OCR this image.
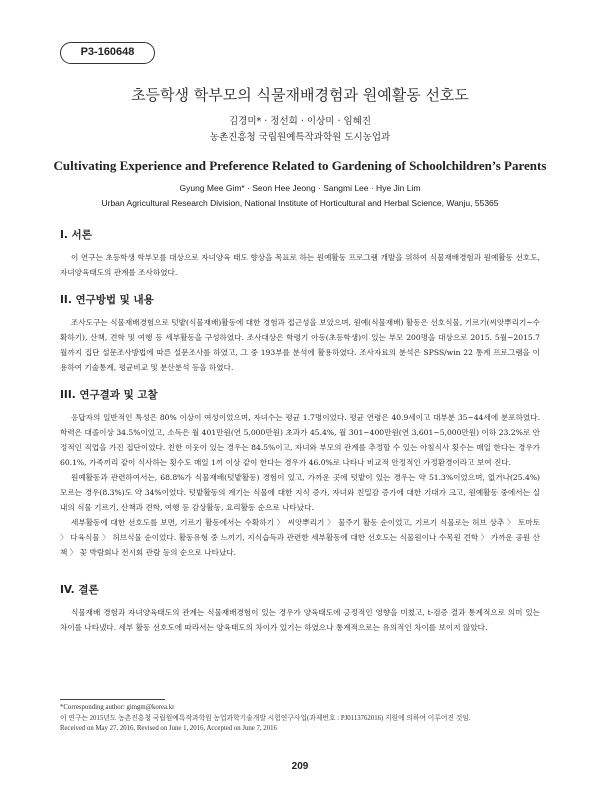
P3-160648
초등학생 학부모의 식물재배경험과 원예활동 선호도
김경미* · 정선희 · 이상미 · 임혜진
농촌진흥청 국립원예특작과학원 도시농업과
Cultivating Experience and Preference Related to Gardening of Schoolchildren’s Parents
Gyung Mee Gim* · Seon Hee Jeong · Sangmi Lee · Hye Jin Lim
Urban Agricultural Research Division, National Institute of Horticultural and Herbal Science, Wanju, 55365
I. 서론

이 연구는 초등학생 학부모를 대상으로 자녀양육 태도 향상을 목표로 하는 원예활동 프로그램 개발을 위하여 식물재배경험과 원예활동 선호도, 자녀양육태도의 관계를 조사하였다.

II. 연구방법 및 내용

조사도구는 식물재배경험으로 텃밭(식물재배)활동에 대한 경험과 접근성을 보았으며, 원예(식물재배) 활동은 선호식물, 기르기(씨앗뿌리기~수확하기), 산책, 견학 및 여행 등 세부활동을 구성하였다. 조사대상은 학령기 아동(초등학생)이 있는 부모 200명을 대상으로 2015. 5월~2015.7월까지 집단 설문조사방법에 따른 설문조사를 하였고, 그 중 193부를 분석에 활용하였다. 조사자료의 분석은 SPSS/win 22 통계 프로그램을 이용하여 기술통계, 평균비교 및 분산분석 등을 하였다.

III. 연구결과 및 고찰

응답자의 일반적인 특성은 80% 이상이 여성이었으며, 자녀수는 평균 1.7명이었다. 평균 연령은 40.9세이고 대부분 35~44세에 분포하였다. 학력은 대졸이상 34.5%이었고, 소득은 월 401만원(연 5,000만원) 초과가 45.4%, 월 301~400만원(연 3,601~5,000만원) 이하 23.2%로 안정적인 직업을 가진 집단이었다. 친한 이웃이 있는 경우는 84.5%이고, 자녀와 부모의 관계를 추정할 수 있는 아침식사 횟수는 매일 한다는 경우가 60.1%, 가족끼리 같이 식사하는 횟수도 매일 1끼 이상 같이 한다는 경우가 46.0%로 나타나 비교적 안정적인 가정환경이라고 보여 진다.

원예활동과 관련하여서는, 68.8%가 식물재배(텃밭활동) 경험이 있고, 가까운 곳에 텃밭이 있는 경우는 약 51.3%이었으며, 없거나(25.4%) 모르는 경우(8.3%)도 약 34%이었다. 텃밭활동의 계기는 식물에 대한 지식 증가, 자녀와 친밀감 증가에 대한 기대가 크고, 원예활동 중에서는 실내의 식물 기르기, 산책과 견학, 여행 등 감상활동, 요리활동 순으로 나타났다.

세부활동에 대한 선호도를 보면, 기르기 활동에서는 수확하기 〉 씨앗뿌리기 〉 물주기 활동 순이었고, 기르기 식물로는 허브 상추 〉 토마토 〉 다육식물 〉 허브식물 순이었다. 활동유형 중 느끼기, 지식습득과 관련한 세부활동에 대한 선호도는 식물원이나 수목원 견학 〉 가까운 공원 산책 〉 꽃 박람회나 전시회 관람 등의 순으로 나타났다.

IV. 결론

식물재배 경험과 자녀양육태도의 관계는 식물재배경험이 있는 경우가 양육태도에 긍정적인 영향을 미쳤고, t-검증 결과 통계적으로 의미 있는 차이를 나타냈다. 세부 활동 선호도에 따라서는 양육태도의 차이가 있기는 하였으나 통계적으로는 유의적인 차이를 보이지 않았다.

*Corresponding author: gimgm@korea.kr
이 연구는 2015년도 농촌진흥청 국립원예특작과학원 농업과학기술개발 시험연구사업(과제번호 : PJ0113762016) 지원에 의하여 이루어진 것임.
Received on May 27, 2016, Revised on June 1, 2016, Accepted on June 7, 2016
209
